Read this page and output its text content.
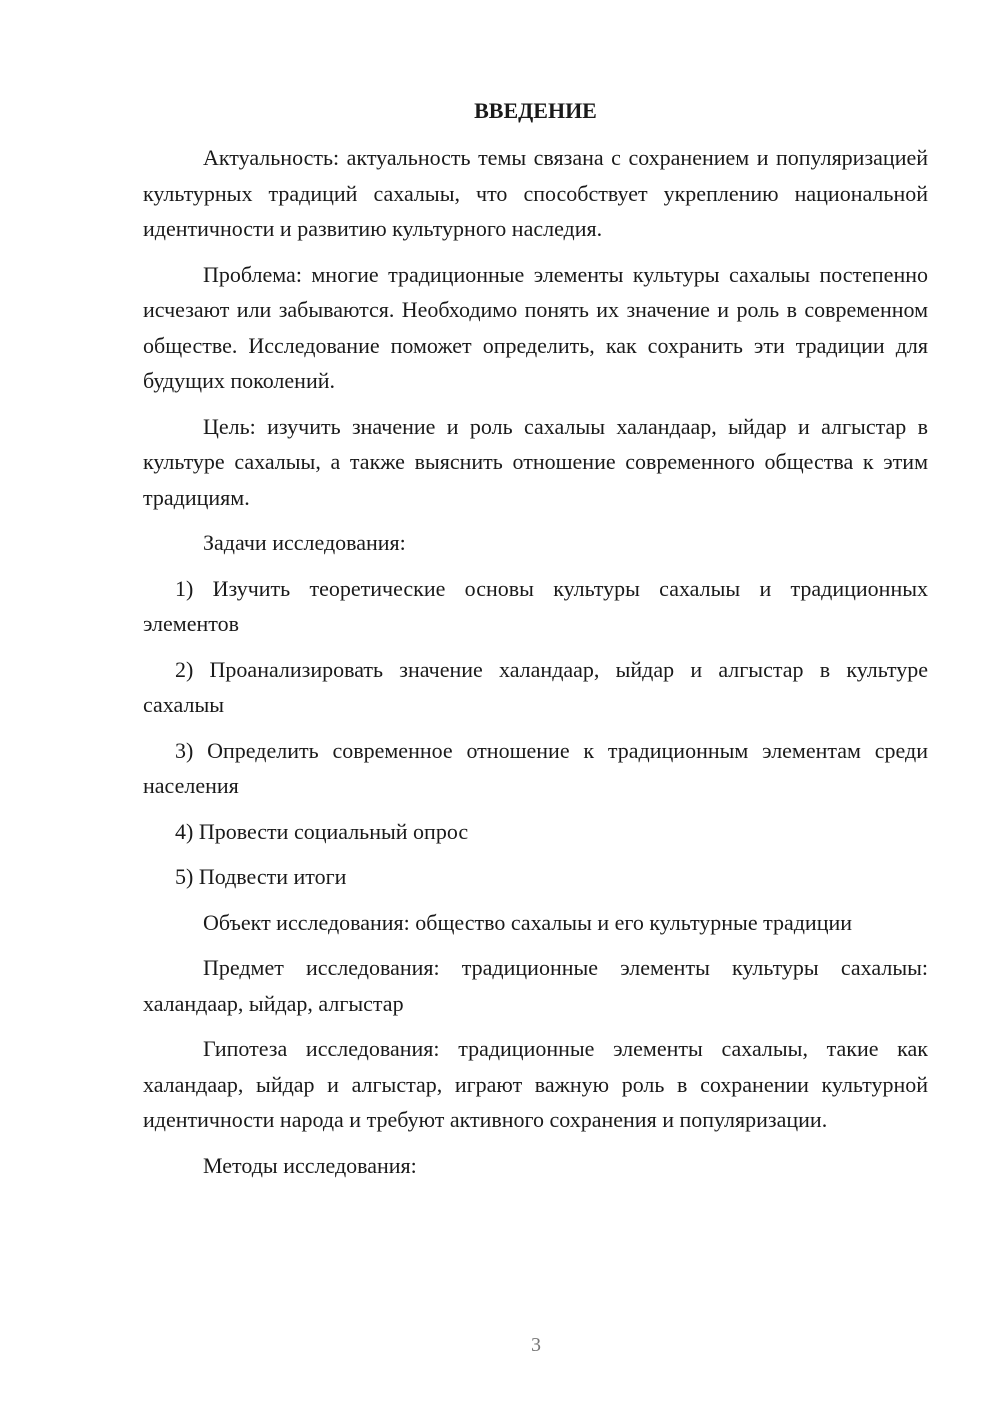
ВВЕДЕНИЕ

Актуальность: актуальность темы связана с сохранением и популяризацией культурных традиций сахалыы, что способствует укреплению национальной идентичности и развитию культурного наследия.

Проблема: многие традиционные элементы культуры сахалыы постепенно исчезают или забываются. Необходимо понять их значение и роль в современном обществе. Исследование поможет определить, как сохранить эти традиции для будущих поколений.

Цель: изучить значение и роль сахалыы халандаар, ыйдар и алгыстар в культуре сахалыы, а также выяснить отношение современного общества к этим традициям.

Задачи исследования:

1) Изучить теоретические основы культуры сахалыы и традиционных элементов

2) Проанализировать значение халандаар, ыйдар и алгыстар в культуре сахалыы

3) Определить современное отношение к традиционным элементам среди населения

4) Провести социальный опрос

5) Подвести итоги

Объект исследования: общество сахалыы и его культурные традиции

Предмет исследования: традиционные элементы культуры сахалыы: халандаар, ыйдар, алгыстар

Гипотеза исследования: традиционные элементы сахалыы, такие как халандаар, ыйдар и алгыстар, играют важную роль в сохранении культурной идентичности народа и требуют активного сохранения и популяризации.

Методы исследования:

3
